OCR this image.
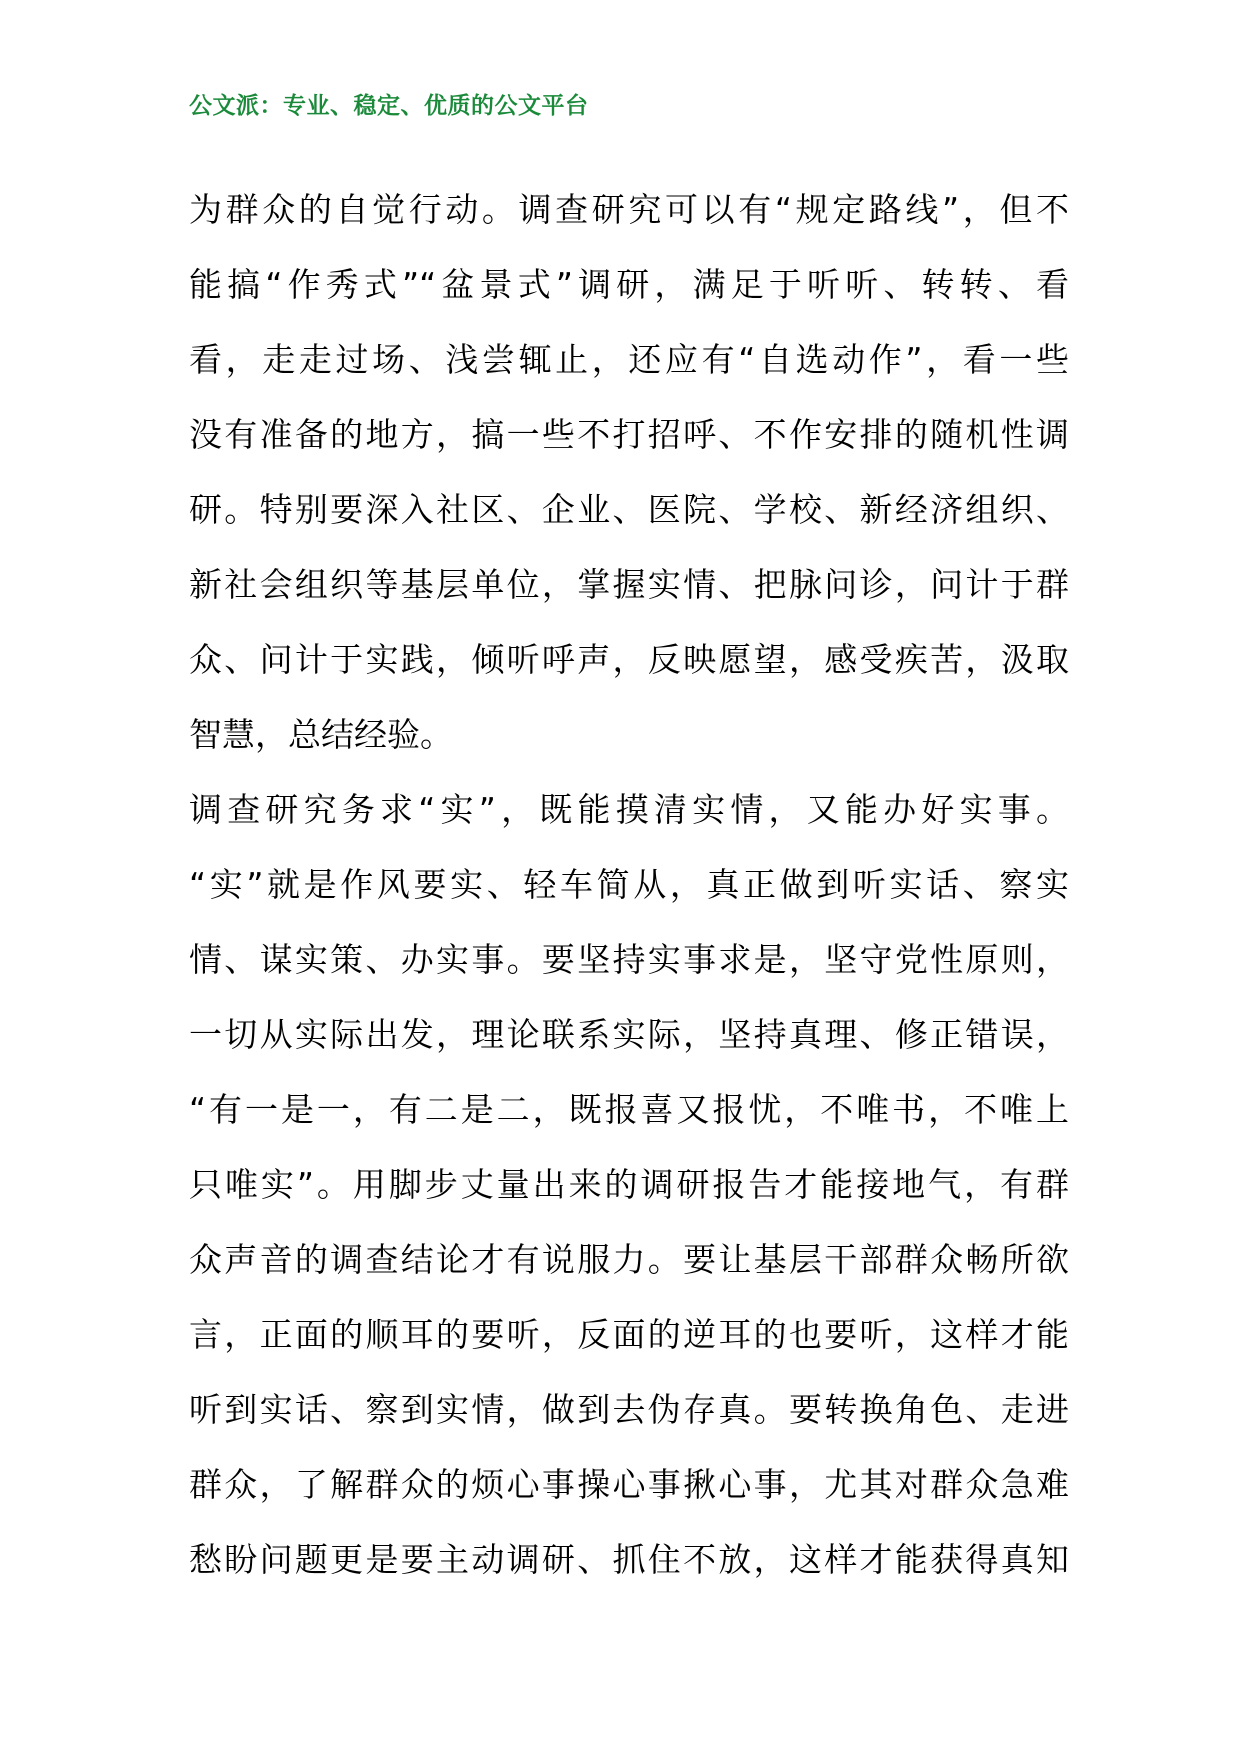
公文派：专业、稳定、优质的公文平台
为群众的自觉行动。调查研究可以有“规定路线”，但不
能搞“作秀式”“盆景式”调研，满足于听听、转转、看
看，走走过场、浅尝辄止，还应有“自选动作”，看一些
没有准备的地方，搞一些不打招呼、不作安排的随机性调
研。特别要深入社区、企业、医院、学校、新经济组织、
新社会组织等基层单位，掌握实情、把脉问诊，问计于群
众、问计于实践，倾听呼声，反映愿望，感受疾苦，汲取
智慧，总结经验。
调查研究务求“实”，既能摸清实情，又能办好实事。
“实”就是作风要实、轻车简从，真正做到听实话、察实
情、谋实策、办实事。要坚持实事求是，坚守党性原则，
一切从实际出发，理论联系实际，坚持真理、修正错误，
“有一是一，有二是二，既报喜又报忧，不唯书，不唯上
只唯实”。用脚步丈量出来的调研报告才能接地气，有群
众声音的调查结论才有说服力。要让基层干部群众畅所欲
言，正面的顺耳的要听，反面的逆耳的也要听，这样才能
听到实话、察到实情，做到去伪存真。要转换角色、走进
群众，了解群众的烦心事操心事揪心事，尤其对群众急难
愁盼问题更是要主动调研、抓住不放，这样才能获得真知
